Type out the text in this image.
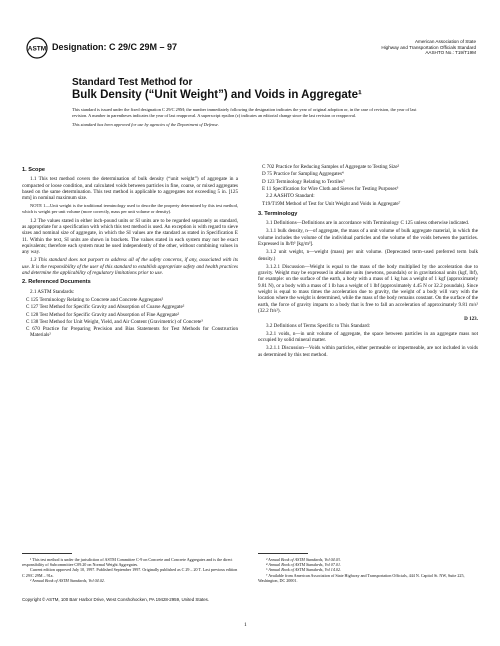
ASTM Designation: C 29/C 29M – 97
American Association of State
Highway and Transportation Officials Standard
AASHTO No.: T19/T19M
Standard Test Method for
Bulk Density (“Unit Weight”) and Voids in Aggregate¹

This standard is issued under the fixed designation C 29/C 29M; the number immediately following the designation indicates the year of original adoption or, in the case of revision, the year of last revision. A number in parentheses indicates the year of last reapproval. A superscript epsilon (ε) indicates an editorial change since the last revision or reapproval.

This standard has been approved for use by agencies of the Department of Defense.

1. Scope
1.1 This test method covers the determination of bulk density (“unit weight”) of aggregate in a compacted or loose condition, and calculated voids between particles in fine, coarse, or mixed aggregates based on the same determination. This test method is applicable to aggregates not exceeding 5 in. [125 mm] in nominal maximum size.
NOTE 1—Unit weight is the traditional terminology used to describe the property determined by this test method, which is weight per unit volume (more correctly, mass per unit volume or density).
1.2 The values stated in either inch-pound units or SI units are to be regarded separately as standard, as appropriate for a specification with which this test method is used. An exception is with regard to sieve sizes and nominal size of aggregate, in which the SI values are the standard as stated in Specification E 11. Within the text, SI units are shown in brackets. The values stated in each system may not be exact equivalents; therefore each system must be used independently of the other, without combining values in any way.
1.3 This standard does not purport to address all of the safety concerns, if any, associated with its use. It is the responsibility of the user of this standard to establish appropriate safety and health practices and determine the applicability of regulatory limitations prior to use.
2. Referenced Documents
2.1 ASTM Standards:
C 125 Terminology Relating to Concrete and Concrete Aggregates²
C 127 Test Method for Specific Gravity and Absorption of Coarse Aggregate²
C 128 Test Method for Specific Gravity and Absorption of Fine Aggregate²
C 138 Test Method for Unit Weight, Yield, and Air Content (Gravimetric) of Concrete³
C 670 Practice for Preparing Precision and Bias Statements for Test Methods for Construction Materials²
C 702 Practice for Reducing Samples of Aggregate to Testing Size²
D 75 Practice for Sampling Aggregates⁴
D 123 Terminology Relating to Textiles⁵
E 11 Specification for Wire Cloth and Sieves for Testing Purposes⁶
2.2 AASHTO Standard:
T19/T19M Method of Test for Unit Weight and Voids in Aggregate⁷
3. Terminology
3.1 Definitions—Definitions are in accordance with Terminology C 125 unless otherwise indicated.
3.1.1 bulk density, n—of aggregate, the mass of a unit volume of bulk aggregate material, in which the volume includes the volume of the individual particles and the volume of the voids between the particles. Expressed in lb/ft³ [kg/m³].
3.1.2 unit weight, n—weight (mass) per unit volume. (Deprecated term–used preferred term bulk density.)
3.1.2.1 Discussion—Weight is equal to the mass of the body multiplied by the acceleration due to gravity. Weight may be expressed in absolute units (newtons, poundals) or in gravitational units (kgf, lbf), for example: on the surface of the earth, a body with a mass of 1 kg has a weight of 1 kgf (approximately 9.81 N), or a body with a mass of 1 lb has a weight of 1 lbf (approximately 4.45 N or 32.2 poundals). Since weight is equal to mass times the acceleration due to gravity, the weight of a body will vary with the location where the weight is determined, while the mass of the body remains constant. On the surface of the earth, the force of gravity imparts to a body that is free to fall an acceleration of approximately 9.81 m/s² (32.2 ft/s²).
D 123.
3.2 Definitions of Terms Specific to This Standard:
3.2.1 voids, n—in unit volume of aggregate, the space between particles in an aggregate mass not occupied by solid mineral matter.
3.2.1.1 Discussion—Voids within particles, either permeable or impermeable, are not included in voids as determined by this test method.
¹ This test method is under the jurisdiction of ASTM Committee C-9 on Concrete and Concrete Aggregates and is the direct responsibility of Subcommittee C09.20 on Normal Weight Aggregates.
Current edition approved July 10, 1997. Published September 1997. Originally published as C 29 – 20 T. Last previous edition C 29/C 29M – 91a.
² Annual Book of ASTM Standards, Vol 04.02.
³ Annual Book of ASTM Standards, Vol 04.03.
⁴ Annual Book of ASTM Standards, Vol 07.01.
⁵ Annual Book of ASTM Standards, Vol 14.02.
⁷ Available from American Association of State Highway and Transportation Officials, 444 N. Capitol St. NW, Suite 225, Washington, DC 20001.
Copyright © ASTM, 100 Barr Harbor Drive, West Conshohocken, PA 19428-2959, United States.
1
